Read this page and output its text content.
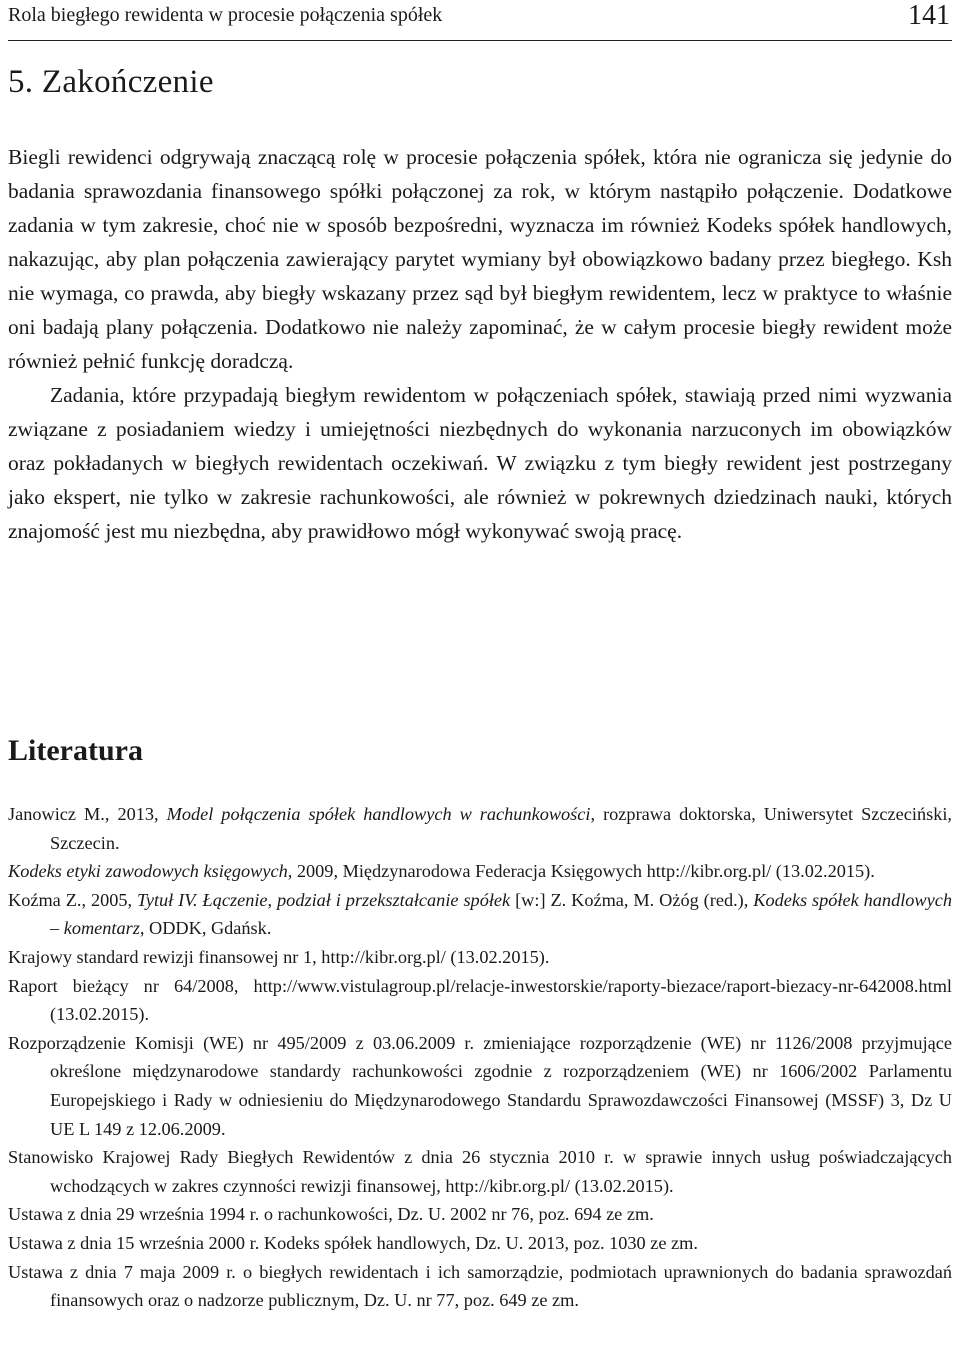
Rola biegłego rewidenta w procesie połączenia spółek	141
5. Zakończenie

Biegli rewidenci odgrywają znaczącą rolę w procesie połączenia spółek, która nie ogranicza się jedynie do badania sprawozdania finansowego spółki połączonej za rok, w którym nastąpiło połączenie. Dodatkowe zadania w tym zakresie, choć nie w sposób bezpośredni, wyznacza im również Kodeks spółek handlowych, nakazując, aby plan połączenia zawierający parytet wymiany był obowiązkowo badany przez biegłego. Ksh nie wymaga, co prawda, aby biegły wskazany przez sąd był biegłym rewidentem, lecz w praktyce to właśnie oni badają plany połączenia. Dodatkowo nie należy zapominać, że w całym procesie biegły rewident może również pełnić funkcję doradczą.

Zadania, które przypadają biegłym rewidentom w połączeniach spółek, stawiają przed nimi wyzwania związane z posiadaniem wiedzy i umiejętności niezbędnych do wykonania narzuconych im obowiązków oraz pokładanych w biegłych rewidentach oczekiwań. W związku z tym biegły rewident jest postrzegany jako ekspert, nie tylko w zakresie rachunkowości, ale również w pokrewnych dziedzinach nauki, których znajomość jest mu niezbędna, aby prawidłowo mógł wykonywać swoją pracę.

Literatura

Janowicz M., 2013, Model połączenia spółek handlowych w rachunkowości, rozprawa doktorska, Uniwersytet Szczeciński, Szczecin.

Kodeks etyki zawodowych księgowych, 2009, Międzynarodowa Federacja Księgowych http://kibr.org.pl/ (13.02.2015).

Koźma Z., 2005, Tytuł IV. Łączenie, podział i przekształcanie spółek [w:] Z. Koźma, M. Ożóg (red.), Kodeks spółek handlowych – komentarz, ODDK, Gdańsk.

Krajowy standard rewizji finansowej nr 1, http://kibr.org.pl/ (13.02.2015).

Raport bieżący nr 64/2008, http://www.vistulagroup.pl/relacje-inwestorskie/raporty-biezace/raport-biezacy-nr-642008.html (13.02.2015).

Rozporządzenie Komisji (WE) nr 495/2009 z 03.06.2009 r. zmieniające rozporządzenie (WE) nr 1126/2008 przyjmujące określone międzynarodowe standardy rachunkowości zgodnie z rozporządzeniem (WE) nr 1606/2002 Parlamentu Europejskiego i Rady w odniesieniu do Międzynarodowego Standardu Sprawozdawczości Finansowej (MSSF) 3, Dz U UE L 149 z 12.06.2009.

Stanowisko Krajowej Rady Biegłych Rewidentów z dnia 26 stycznia 2010 r. w sprawie innych usług poświadczających wchodzących w zakres czynności rewizji finansowej, http://kibr.org.pl/ (13.02.2015).

Ustawa z dnia 29 września 1994 r. o rachunkowości, Dz. U. 2002 nr 76, poz. 694 ze zm.

Ustawa z dnia 15 września 2000 r. Kodeks spółek handlowych, Dz. U. 2013, poz. 1030 ze zm.

Ustawa z dnia 7 maja 2009 r. o biegłych rewidentach i ich samorządzie, podmiotach uprawnionych do badania sprawozdań finansowych oraz o nadzorze publicznym, Dz. U. nr 77, poz. 649 ze zm.
